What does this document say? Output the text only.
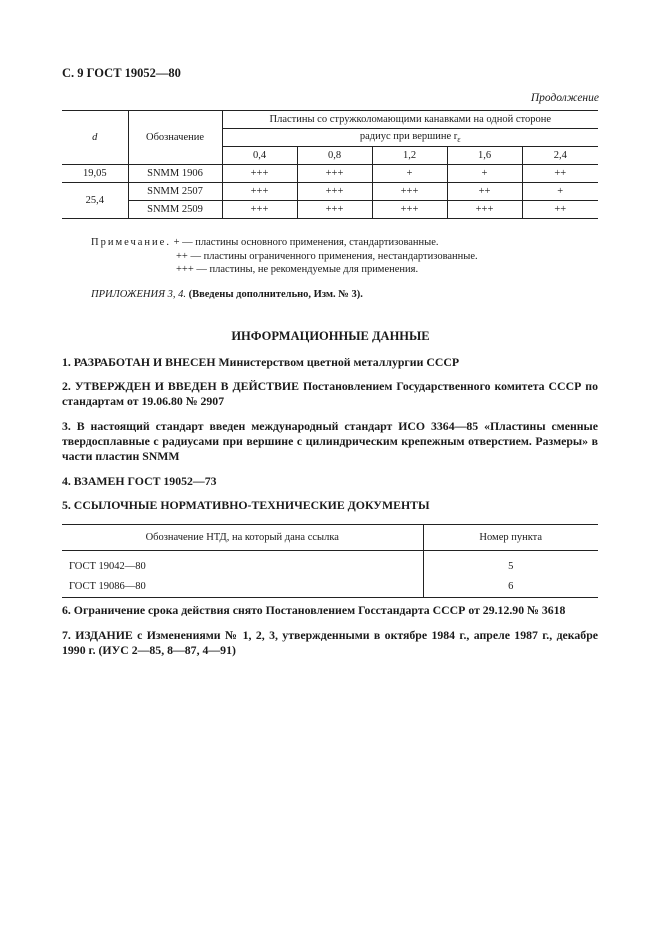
С. 9 ГОСТ 19052—80
Продолжение
d	Обозначение	Пластины со стружколомающими канавками на одной стороне				
		радиус при вершине $r_\varepsilon$
		0,4	0,8	1,2	1,6	2,4
19,05	SNMM 1906	+++	+++	+	+	++
25,4	SNMM 2507	+++	+++	+++	++	+
	SNMM 2509	+++	+++	+++	+++	++
Примечание. + — пластины основного применения, стандартизованные.
++ — пластины ограниченного применения, нестандартизованные.
+++ — пластины, не рекомендуемые для применения.
ПРИЛОЖЕНИЯ 3, 4. (Введены дополнительно, Изм. № 3).
ИНФОРМАЦИОННЫЕ ДАННЫЕ
1. РАЗРАБОТАН И ВНЕСЕН Министерством цветной металлургии СССР
2. УТВЕРЖДЕН И ВВЕДЕН В ДЕЙСТВИЕ Постановлением Государственного комитета СССР по стандартам от 19.06.80 № 2907
3. В настоящий стандарт введен международный стандарт ИСО 3364—85 «Пластины сменные твердосплавные с радиусами при вершине с цилиндрическим крепежным отверстием. Размеры» в части пластин SNMM
4. ВЗАМЕН ГОСТ 19052—73
5. ССЫЛОЧНЫЕ НОРМАТИВНО-ТЕХНИЧЕСКИЕ ДОКУМЕНТЫ
Обозначение НТД, на который дана ссылка	Номер пункта

ГОСТ 19042—80	5
ГОСТ 19086—80	6
6. Ограничение срока действия снято Постановлением Госстандарта СССР от 29.12.90 № 3618
7. ИЗДАНИЕ с Изменениями № 1, 2, 3, утвержденными в октябре 1984 г., апреле 1987 г., декабре 1990 г. (ИУС 2—85, 8—87, 4—91)
